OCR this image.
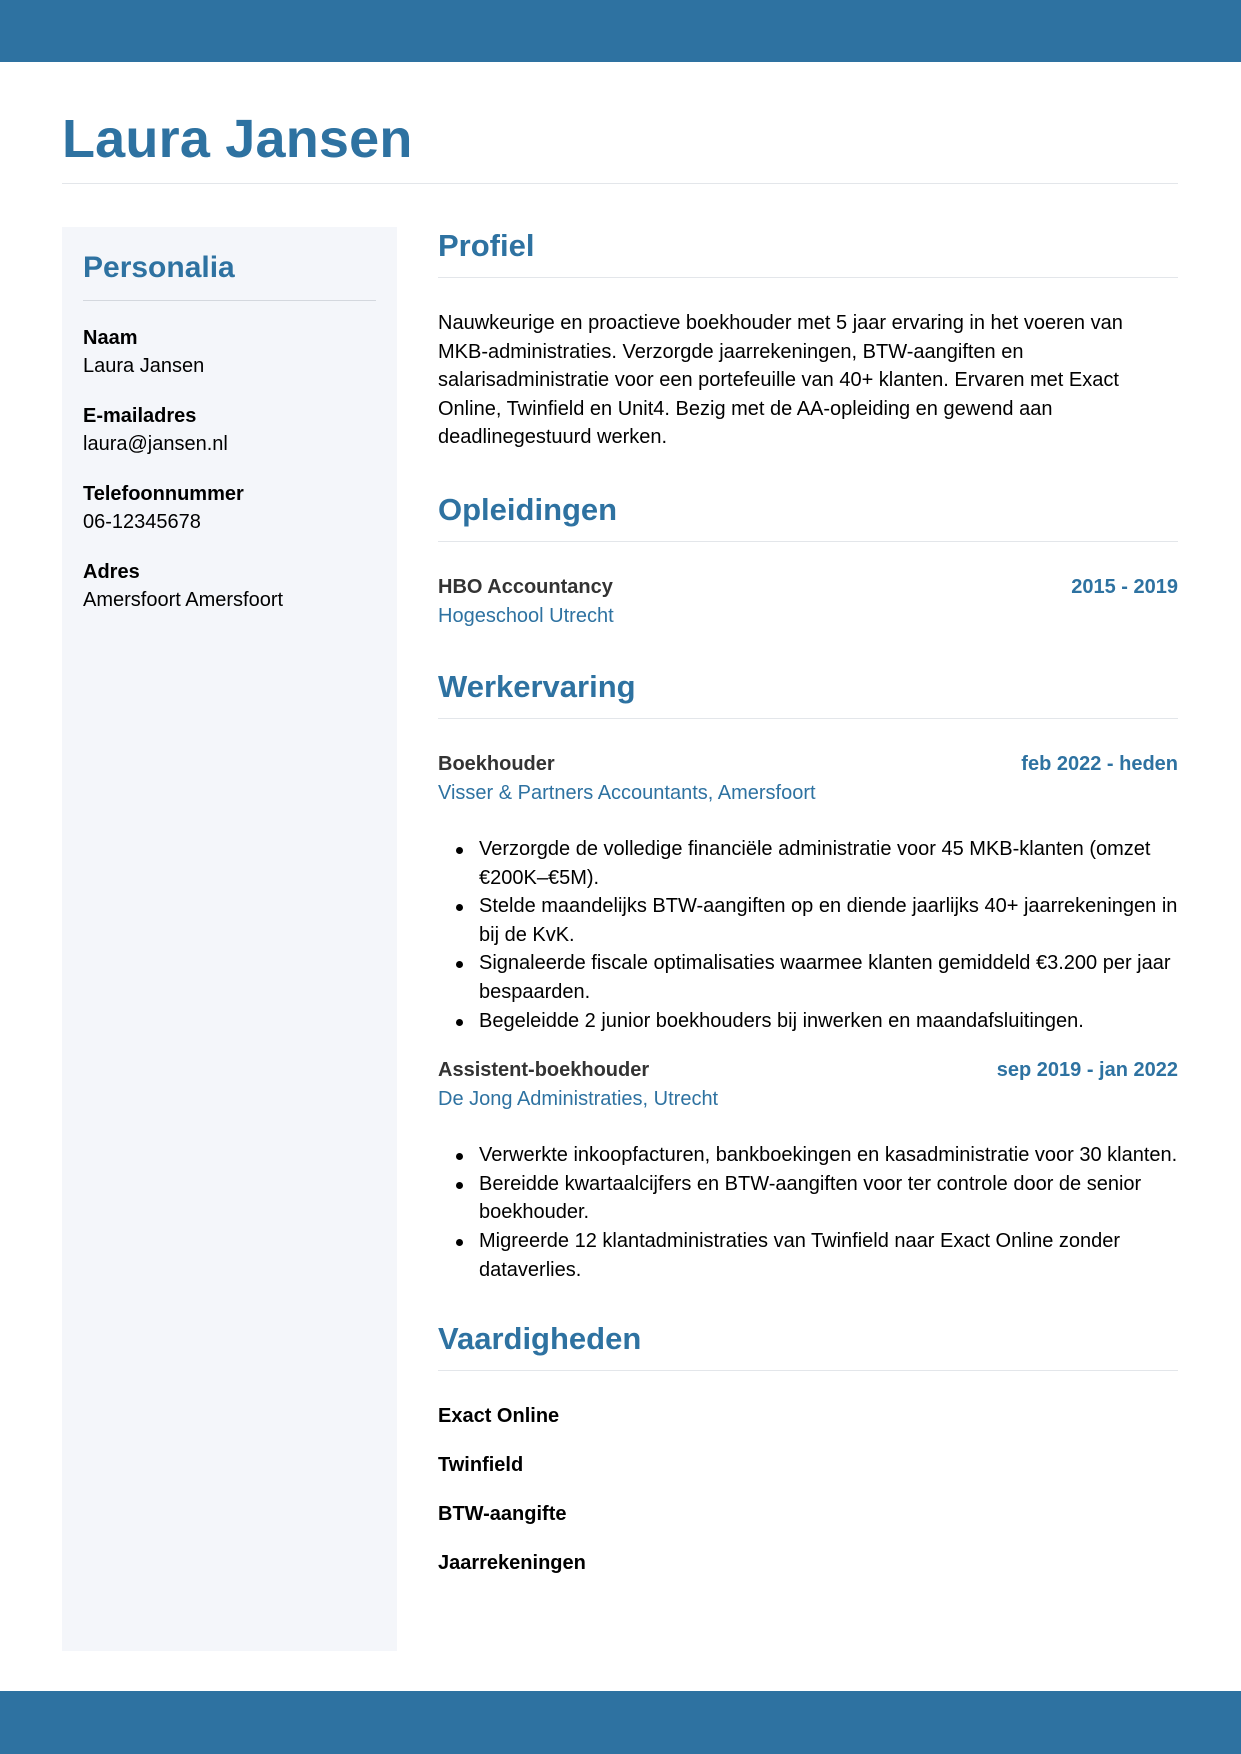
Laura Jansen
Personalia
Naam
Laura Jansen
E-mailadres
laura@jansen.nl
Telefoonnummer
06-12345678
Adres
Amersfoort Amersfoort
Profiel

Nauwkeurige en proactieve boekhouder met 5 jaar ervaring in het voeren van MKB-administraties. Verzorgde jaarrekeningen, BTW-aangiften en salarisadministratie voor een portefeuille van 40+ klanten. Ervaren met Exact Online, Twinfield en Unit4. Bezig met de AA-opleiding en gewend aan deadlinegestuurd werken.

Opleidingen
HBO Accountancy	2015 - 2019
Hogeschool Utrecht
Werkervaring
Boekhouder	feb 2022 - heden
Visser & Partners Accountants, Amersfoort
Verzorgde de volledige financiële administratie voor 45 MKB-klanten (omzet €200K–€5M).
Stelde maandelijks BTW-aangiften op en diende jaarlijks 40+ jaarrekeningen in bij de KvK.
Signaleerde fiscale optimalisaties waarmee klanten gemiddeld €3.200 per jaar bespaarden.
Begeleidde 2 junior boekhouders bij inwerken en maandafsluitingen.
Assistent-boekhouder	sep 2019 - jan 2022
De Jong Administraties, Utrecht
Verwerkte inkoopfacturen, bankboekingen en kasadministratie voor 30 klanten.
Bereidde kwartaalcijfers en BTW-aangiften voor ter controle door de senior boekhouder.
Migreerde 12 klantadministraties van Twinfield naar Exact Online zonder dataverlies.
Vaardigheden
Exact Online
Twinfield
BTW-aangifte
Jaarrekeningen
